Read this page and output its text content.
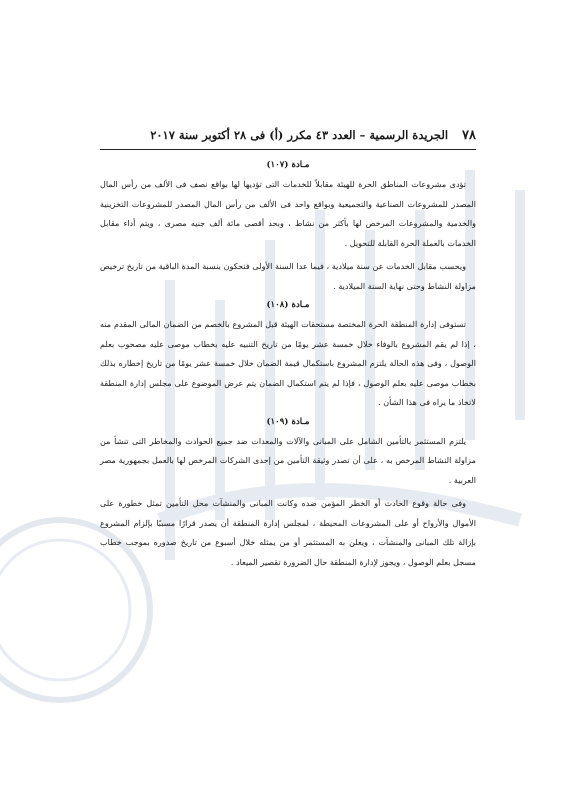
٧٨
الجريدة الرسمية – العدد ٤٣ مكرر (أ) فى ٢٨ أكتوبر سنة ٢٠١٧
مـادة (١٠٧)

تؤدى مشروعات المناطق الحرة للهيئة مقابلاً للخدمات التى تؤديها لها بواقع نصف فى الألف من رأس المال المصدر للمشروعات الصناعية والتجميعية وبواقع واحد فى الألف من رأس المال المصدر للمشروعات التخزينية والخدمية والمشروعات المرخص لها بأكثر من نشاط ، وبحد أقصى مائة ألف جنيه مصرى ، ويتم أداء مقابل الخدمات بالعملة الحرة القابلة للتحويل .

ويحسب مقابل الخدمات عن سنة ميلادية ، فيما عدا السنة الأولى فتحكون بنسبة المدة الباقية من تاريخ ترخيص مزاولة النشاط وحتى نهاية السنة الميلادية .

مـادة (١٠٨)

تستوفى إدارة المنطقة الحرة المختصة مستحقات الهيئة قبل المشروع بالخصم من الضمان المالى المقدم منه ، إذا لم يقم المشروع بالوفاء خلال خمسة عشر يومًا من تاريخ التنبيه عليه بخطاب موصى عليه مصحوب بعلم الوصول ، وفى هذه الحالة يلتزم المشروع باستكمال قيمة الضمان خلال خمسة عشر يومًا من تاريخ إخطاره بذلك بخطاب موصى عليه بعلم الوصول ، فإذا لم يتم استكمال الضمان يتم عرض الموضوع على مجلس إدارة المنطقة لاتخاذ ما يراه فى هذا الشأن .

مـادة (١٠٩)

يلتزم المستثمر بالتأمين الشامل على المبانى والآلات والمعدات ضد جميع الحوادث والمخاطر التى تنشأ من مزاولة النشاط المرخص به ، على أن تصدر وثيقة التأمين من إحدى الشركات المرخص لها بالعمل بجمهورية مصر العربية .

وفى حالة وقوع الحادث أو الخطر المؤمن ضده وكانت المبانى والمنشآت محل التأمين تمثل خطورة على الأموال والأرواح أو على المشروعات المحيطة ، لمجلس إدارة المنطقة أن يصدر قرارًا مسببًا بإلزام المشروع بإزالة تلك المبانى والمنشآت ، ويعلن به المستثمر أو من يمثله خلال أسبوع من تاريخ صدوره بموجب خطاب مسجل بعلم الوصول ، ويجوز لإدارة المنطقة حال الضرورة تقصير الميعاد .
